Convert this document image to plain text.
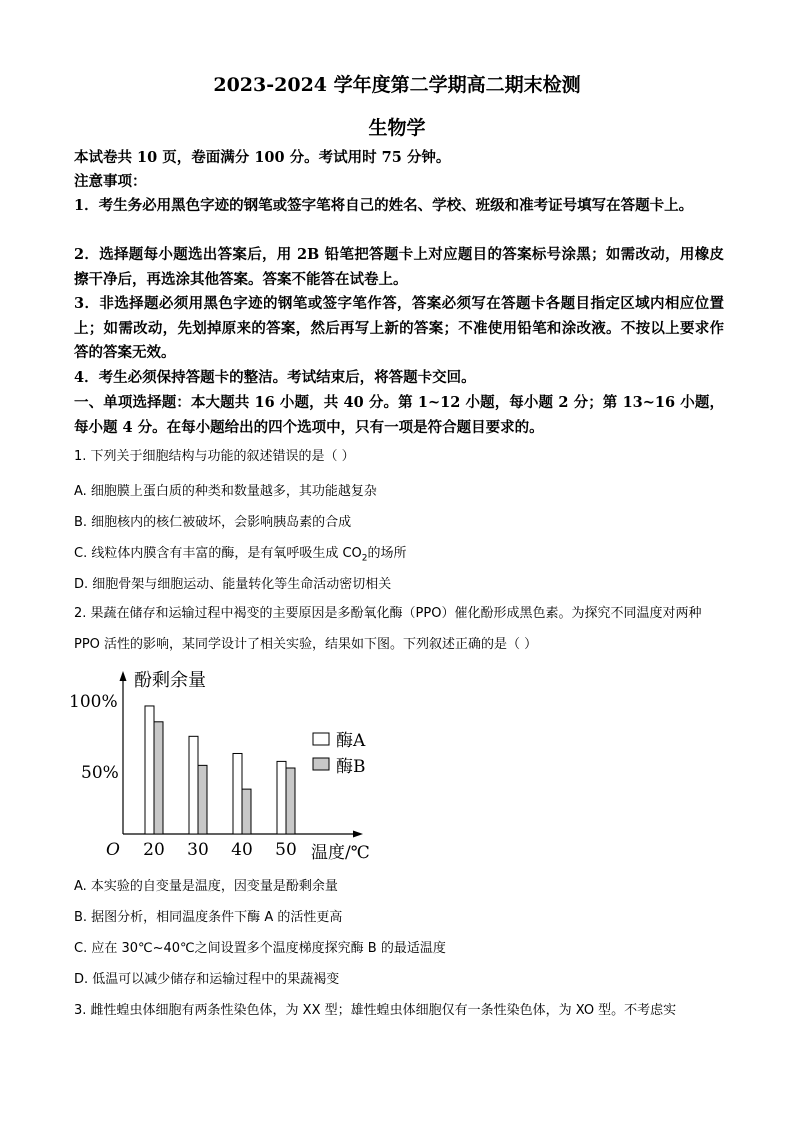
2023-2024 学年度第二学期高二期末检测
生物学
本试卷共 10 页，卷面满分 100 分。考试用时 75 分钟。
注意事项：
1．考生务必用黑色字迹的钢笔或签字笔将自己的姓名、学校、班级和准考证号填写在答题卡上。
2．选择题每小题选出答案后，用 2B 铅笔把答题卡上对应题目的答案标号涂黑；如需改动，用橡皮擦干净后，再选涂其他答案。答案不能答在试卷上。
3．非选择题必须用黑色字迹的钢笔或签字笔作答，答案必须写在答题卡各题目指定区域内相应位置上；如需改动，先划掉原来的答案，然后再写上新的答案；不准使用铅笔和涂改液。不按以上要求作答的答案无效。
4．考生必须保持答题卡的整洁。考试结束后，将答题卡交回。
一、单项选择题：本大题共 16 小题，共 40 分。第 1~12 小题，每小题 2 分；第 13~16 小题，每小题 4 分。在每小题给出的四个选项中，只有一项是符合题目要求的。
1. 下列关于细胞结构与功能的叙述错误的是（ ）
A. 细胞膜上蛋白质的种类和数量越多，其功能越复杂
B. 细胞核内的核仁被破坏，会影响胰岛素的合成
C. 线粒体内膜含有丰富的酶，是有氧呼吸生成 $CO_2$的场所
D. 细胞骨架与细胞运动、能量转化等生命活动密切相关
2. 果蔬在储存和运输过程中褐变的主要原因是多酚氧化酶（PPO）催化酚形成黑色素。为探究不同温度对两种 PPO 活性的影响，某同学设计了相关实验，结果如下图。下列叙述正确的是（ ）
酚剩余量
温度/℃
O
100%
50%
20 30 40 50
酶A
酶B
A. 本实验的自变量是温度，因变量是酚剩余量
B. 据图分析，相同温度条件下酶 A 的活性更高
C. 应在 30℃~40℃之间设置多个温度梯度探究酶 B 的最适温度
D. 低温可以减少储存和运输过程中的果蔬褐变
3. 雌性蝗虫体细胞有两条性染色体，为 XX 型；雄性蝗虫体细胞仅有一条性染色体，为 XO 型。不考虑实
